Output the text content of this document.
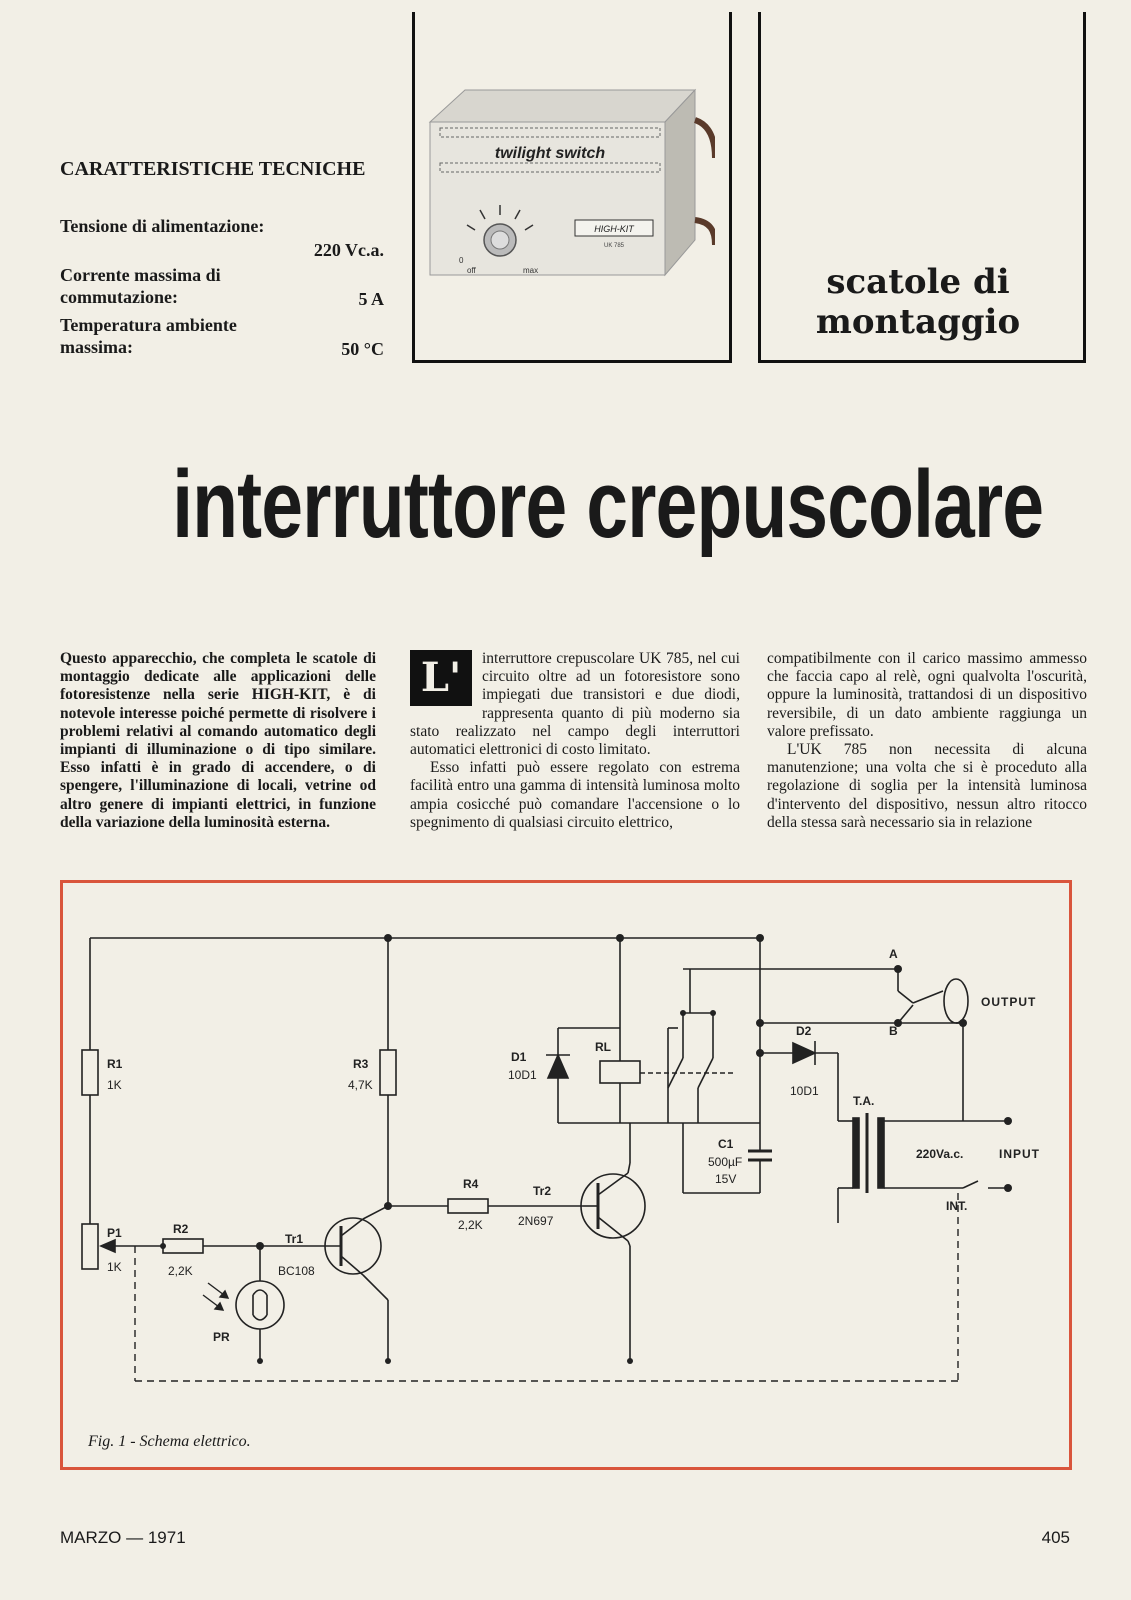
CARATTERISTICHE TECNICHE
Tensione di alimentazione:
220 Vc.a.
Corrente massima di commutazione:	5 A
Temperatura ambiente massima:	50 °C
twilight switch
0
off	max
HIGH-KIT
UK 785
scatole di montaggio
interruttore crepuscolare

Questo apparecchio, che completa le scatole di montaggio dedicate alle applicazioni delle fotoresistenze nella serie HIGH-KIT, è di notevole interesse poiché permette di risolvere i problemi relativi al comando automatico degli impianti di illuminazione o di tipo similare. Esso infatti è in grado di accendere, o di spengere, l'illuminazione di locali, vetrine od altro genere di impianti elettrici, in funzione della variazione della luminosità esterna.

L'	interruttore crepuscolare UK 785, nel cui circuito oltre ad un fotoresistore sono impiegati due transistori e due diodi, rappresenta quanto di più moderno sia stato realizzato nel campo degli interruttori automatici elettronici di costo limitato.

Esso infatti può essere regolato con estrema facilità entro una gamma di intensità luminosa molto ampia cosicché può comandare l'accensione o lo spegnimento di qualsiasi circuito elettrico,

compatibilmente con il carico massimo ammesso che faccia capo al relè, ogni qualvolta l'oscurità, oppure la luminosità, trattandosi di un dispositivo reversibile, di un dato ambiente raggiunga un valore prefissato.

L'UK 785 non necessita di alcuna manutenzione; una volta che si è proceduto alla regolazione di soglia per la intensità luminosa d'intervento del dispositivo, nessun altro ritocco della stessa sarà necessario sia in relazione

R1
1K
R3
4,7K
P1
1K
R2
2,2K
Tr1
BC108
PR
R4
2,2K
Tr2
2N697
D1
10D1
RL
D2
10D1
C1
500µF
15V
T.A.
A
B
OUTPUT
220Va.c.	INPUT
INT.
Fig. 1 - Schema elettrico.
MARZO — 1971	405
